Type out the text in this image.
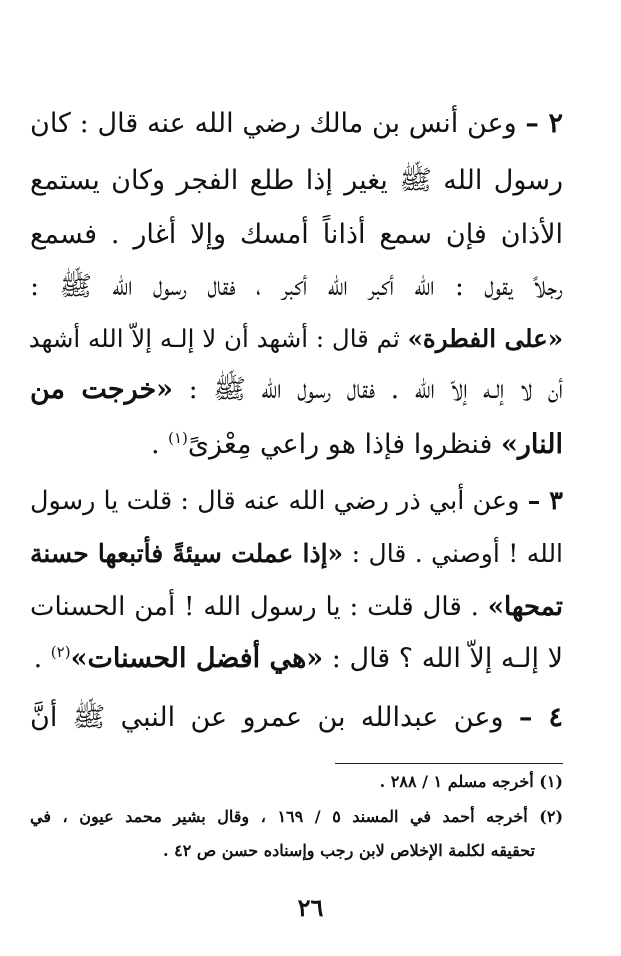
٢ – وعن أنس بن مالك رضي الله عنه قال : كان
رسول الله ﷺ يغير إذا طلع الفجر وكان يستمع
الأذان فإن سمع أذاناً أمسك وإلا أغار . فسمع
رجلاً يقول : الله أكبر الله أكبر ، فقال رسول الله ﷺ :
«على الفطرة» ثم قال : أشهد أن لا إلـه إلاّ الله أشهد
أن لا إلـه إلاّ الله . فقال رسول الله ﷺ : «خرجت من
النار» فنظروا فإذا هو راعي مِعْزىً$^{(١)}$ .
٣ – وعن أبي ذر رضي الله عنه قال : قلت يا رسول
الله ! أوصني . قال : «إذا عملت سيئةً فأتبعها حسنة
تمحها» . قال قلت : يا رسول الله ! أمن الحسنات
لا إلـه إلاّ الله ؟ قال : «هي أفضل الحسنات»$^{(٢)}$ .
٤ – وعن عبدالله بن عمرو عن النبي ﷺ أنَّ
(١) أخرجه مسلم ١ / ٢٨٨ .
(٢) أخرجه أحمد في المسند ٥ / ١٦٩ ، وقال بشير محمد عيون ، في
تحقيقه لكلمة الإخلاص لابن رجب وإسناده حسن ص ٤٢ .
٢٦
